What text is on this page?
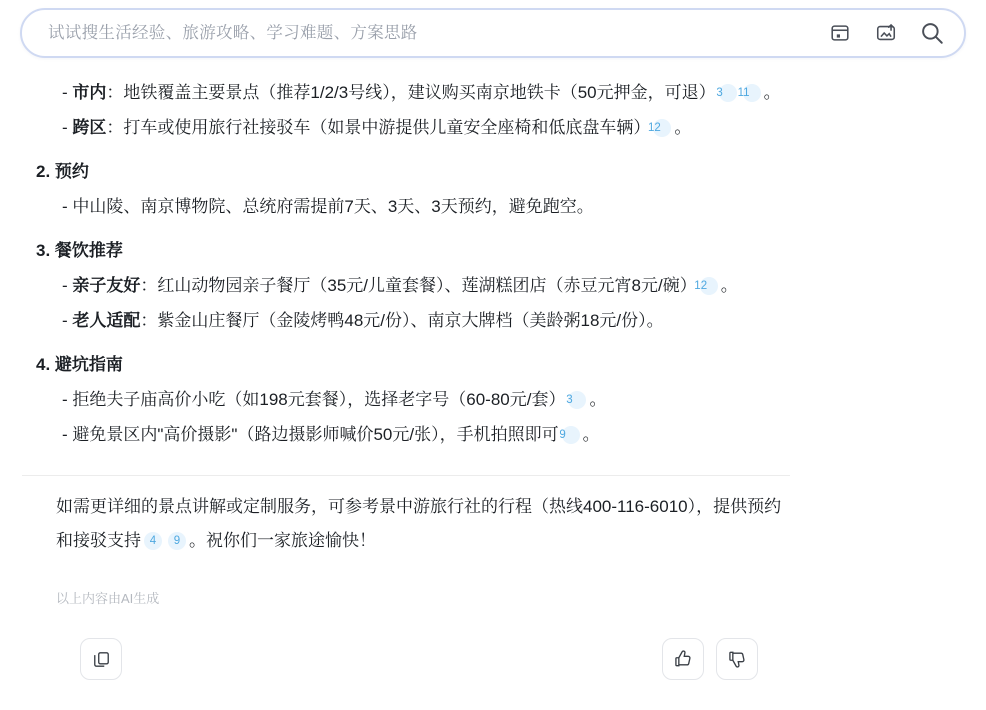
试试搜生活经验、旅游攻略、学习难题、方案思路
- 市内：地铁覆盖主要景点（推荐1/2/3号线），建议购买南京地铁卡（50元押金，可退）3 11 。
- 跨区：打车或使用旅行社接驳车（如景中游提供儿童安全座椅和低底盘车辆）12 。
2. 预约
- 中山陵、南京博物院、总统府需提前7天、3天、3天预约，避免跑空。
3. 餐饮推荐
- 亲子友好：红山动物园亲子餐厅（35元/儿童套餐）、莲湖糕团店（赤豆元宵8元/碗）12 。
- 老人适配：紫金山庄餐厅（金陵烤鸭48元/份）、南京大牌档（美龄粥18元/份）。
4. 避坑指南
- 拒绝夫子庙高价小吃（如198元套餐），选择老字号（60-80元/套）3 。
- 避免景区内"高价摄影"（路边摄影师喊价50元/张），手机拍照即可9 。
如需更详细的景点讲解或定制服务，可参考景中游旅行社的行程（热线400-116-6010），提供预约和接驳支持 4 9 。祝你们一家旅途愉快！
以上内容由AI生成
